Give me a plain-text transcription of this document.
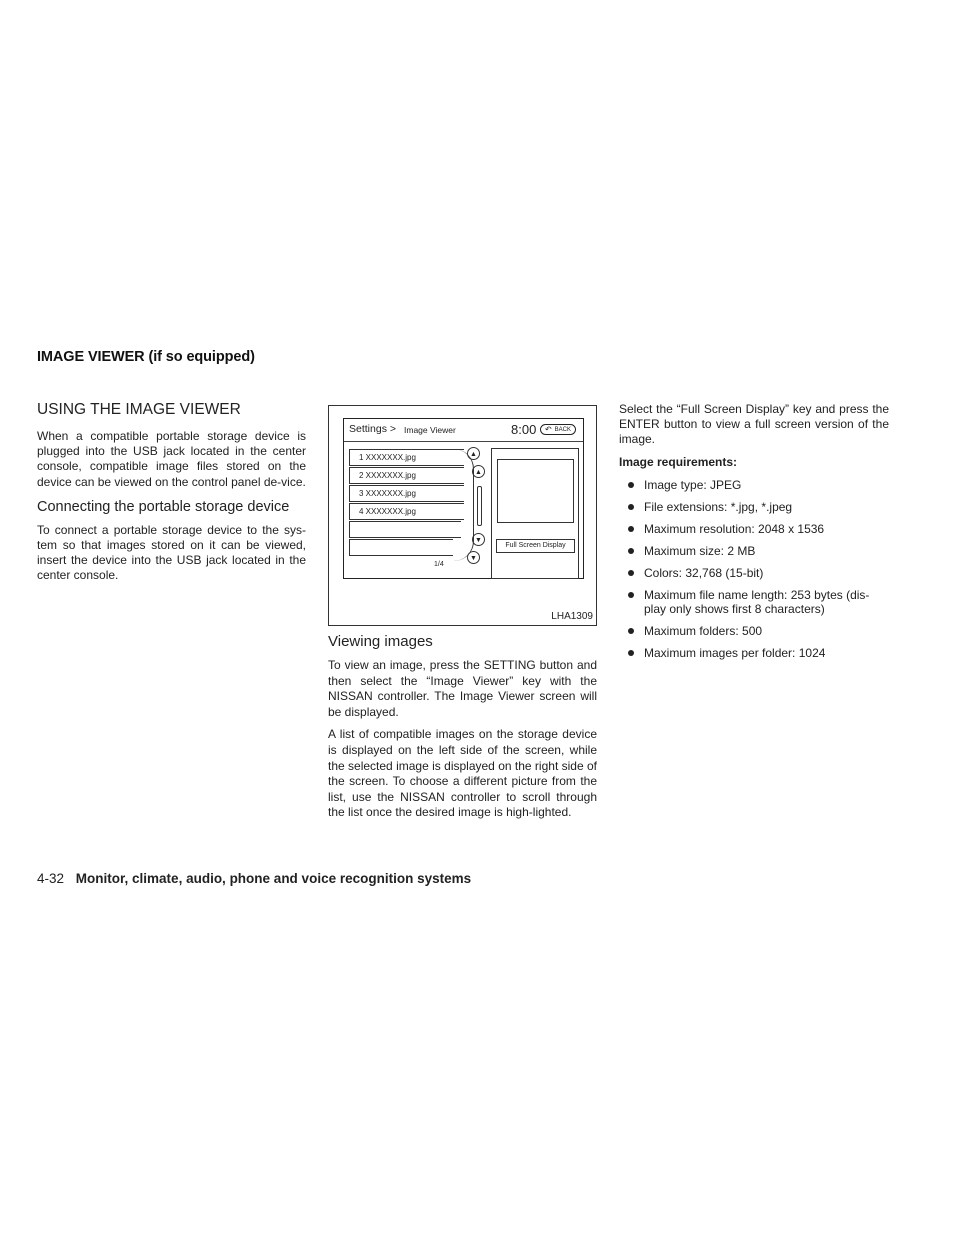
IMAGE VIEWER (if so equipped)
USING THE IMAGE VIEWER

When a compatible portable storage device is plugged into the USB jack located in the center console, compatible image files stored on the device can be viewed on the control panel de-vice.

Connecting the portable storage device

To connect a portable storage device to the sys-tem so that images stored on it can be viewed, insert the device into the USB jack located in the center console.

Settings > Image Viewer	8:00 ↶ BACK
1 XXXXXXX.jpg
2 XXXXXXX.jpg
3 XXXXXXX.jpg
4 XXXXXXX.jpg
▲
▲
▼
▼
1/4
Full Screen Display
LHA1309
Viewing images

To view an image, press the SETTING button and then select the “Image Viewer” key with the NISSAN controller. The Image Viewer screen will be displayed.

A list of compatible images on the storage device is displayed on the left side of the screen, while the selected image is displayed on the right side of the screen. To choose a different picture from the list, use the NISSAN controller to scroll through the list once the desired image is high-lighted.

Select the “Full Screen Display” key and press the ENTER button to view a full screen version of the image.

Image requirements:
Image type: JPEG
File extensions: *.jpg, *.jpeg
Maximum resolution: 2048 x 1536
Maximum size: 2 MB
Colors: 32,768 (15-bit)
Maximum file name length: 253 bytes (dis-play only shows first 8 characters)
Maximum folders: 500
Maximum images per folder: 1024
4-32 Monitor, climate, audio, phone and voice recognition systems
